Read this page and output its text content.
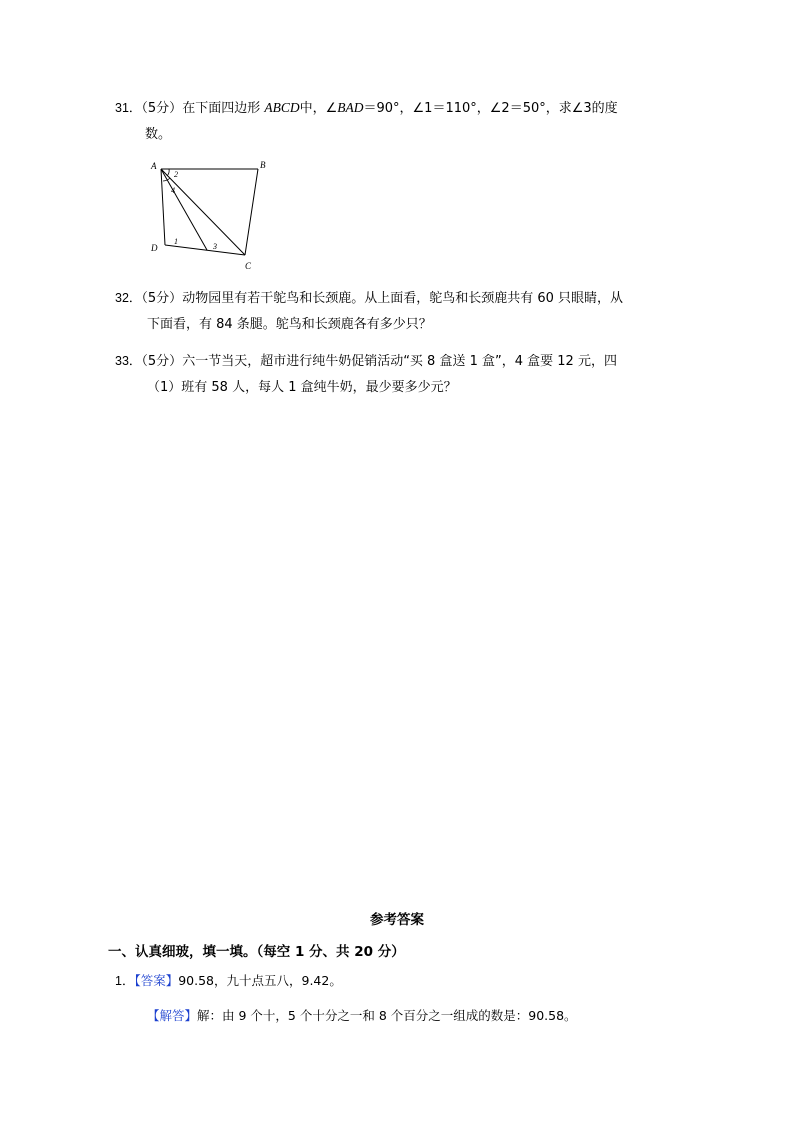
31．（5分）在下面四边形 ABCD中，∠BAD＝90°，∠1＝110°，∠2＝50°，求∠3的度
数。
A	B
C
D
1
2
3
4
32．（5分）动物园里有若干鸵鸟和长颈鹿。从上面看，鸵鸟和长颈鹿共有 60 只眼睛，从
下面看，有 84 条腿。鸵鸟和长颈鹿各有多少只？
33．（5分）六一节当天，超市进行纯牛奶促销活动“买 8 盒送 1 盒”，4 盒要 12 元，四
（1）班有 58 人，每人 1 盒纯牛奶，最少要多少元？
参考答案
一、认真细玻，填一填。（每空 1 分、共 20 分）
1．【答案】90.58，九十点五八，9.42。
【解答】解：由 9 个十，5 个十分之一和 8 个百分之一组成的数是：90.58。
